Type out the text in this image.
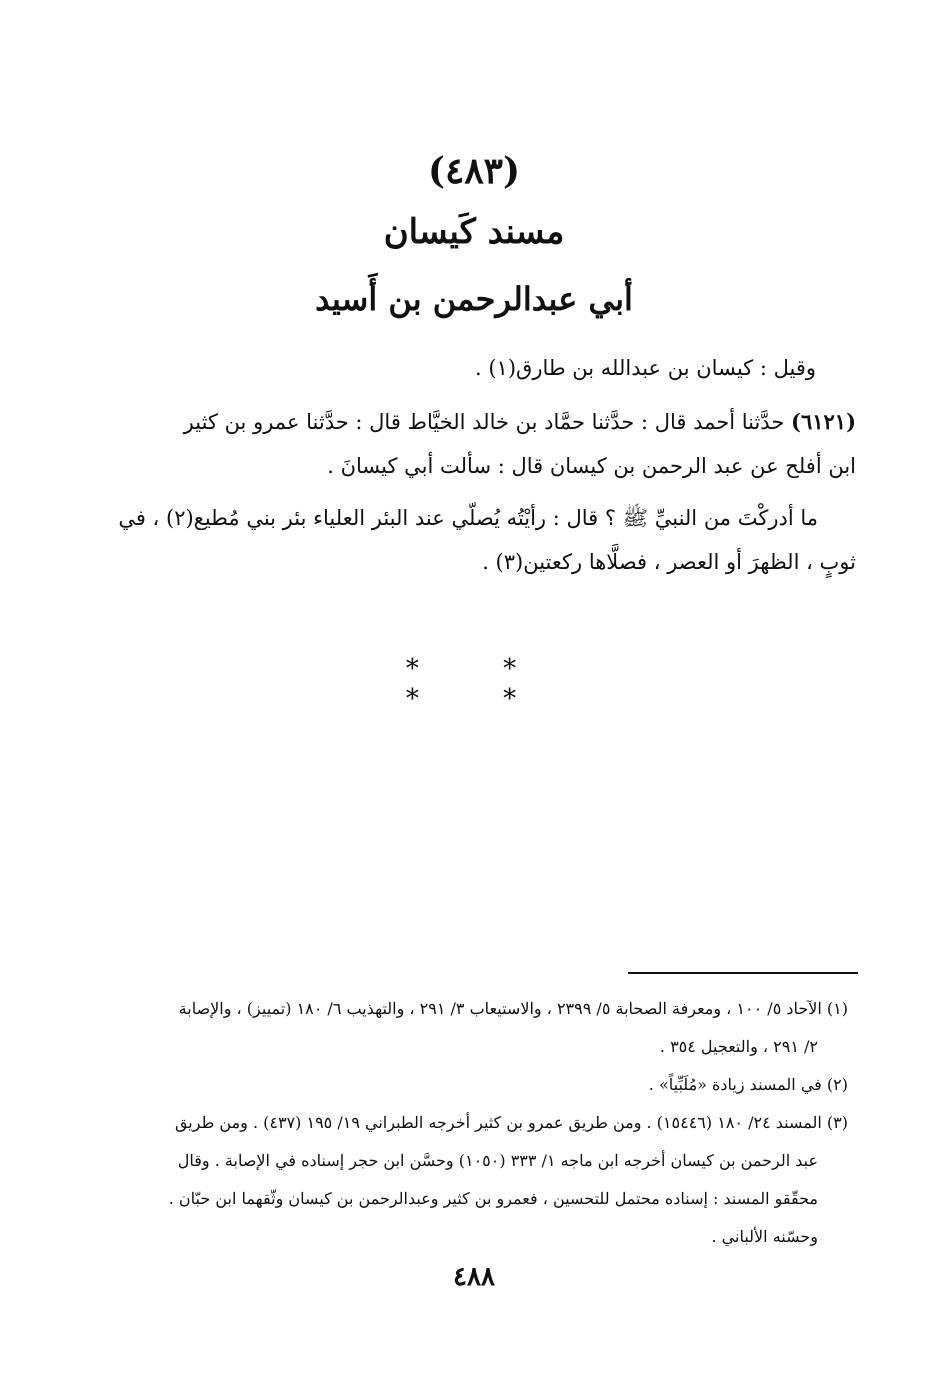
(٤٨٣)
مسند كَيسان
أبي عبدالرحمن بن أَسيد
وقيل : كيسان بن عبدالله بن طارق(١) .
(٦١٢١) حدَّثنا أحمد قال : حدَّثنا حمَّاد بن خالد الخيَّاط قال : حدَّثنا عمرو بن كثير
ابن أفلح عن عبد الرحمن بن كيسان قال : سألت أبي كيسانَ .
ما أدركْتَ من النبيِّ ﷺ ؟ قال : رأيْتُه يُصلّي عند البئر العلياء بئر بني مُطيع(٢) ، في
ثوبٍ ، الظهرَ أو العصر ، فصلَّاها ركعتين(٣) .
* * * *
(١) الآحاد ٥/ ١٠٠ ، ومعرفة الصحابة ٥/ ٢٣٩٩ ، والاستيعاب ٣/ ٢٩١ ، والتهذيب ٦/ ١٨٠ (تمييز) ، والإصابة
٢/ ٢٩١ ، والتعجيل ٣٥٤ .
(٢) في المسند زيادة «مُلَبِّياً» .
(٣) المسند ٢٤/ ١٨٠ (١٥٤٤٦) . ومن طريق عمرو بن كثير أخرجه الطبراني ١٩/ ١٩٥ (٤٣٧) . ومن طريق
عبد الرحمن بن كيسان أخرجه ابن ماجه ١/ ٣٣٣ (١٠٥٠) وحسَّن ابن حجر إسناده في الإصابة . وقال
محقّقو المسند : إسناده محتمل للتحسين ، فعمرو بن كثير وعبدالرحمن بن كيسان وثّقهما ابن حبّان .
وحسّنه الألباني .
٤٨٨
